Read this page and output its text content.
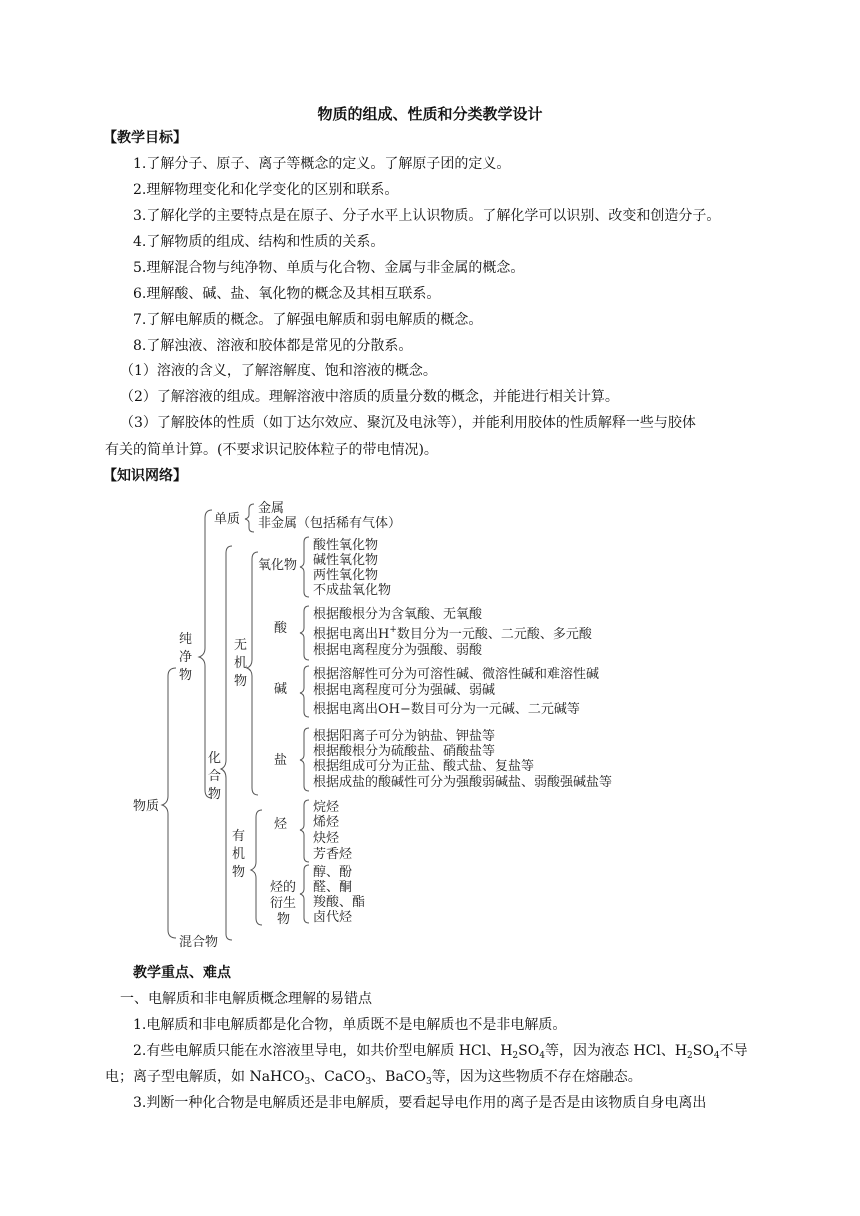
物质的组成、性质和分类教学设计
【教学目标】
1.了解分子、原子、离子等概念的定义。了解原子团的定义。
2.理解物理变化和化学变化的区别和联系。
3.了解化学的主要特点是在原子、分子水平上认识物质。了解化学可以识别、改变和创造分子。
4.了解物质的组成、结构和性质的关系。
5.理解混合物与纯净物、单质与化合物、金属与非金属的概念。
6.理解酸、碱、盐、氧化物的概念及其相互联系。
7.了解电解质的概念。了解强电解质和弱电解质的概念。
8.了解浊液、溶液和胶体都是常见的分散系。
（1）溶液的含义，了解溶解度、饱和溶液的概念。
（2）了解溶液的组成。理解溶液中溶质的质量分数的概念，并能进行相关计算。
（3）了解胶体的性质（如丁达尔效应、聚沉及电泳等），并能利用胶体的性质解释一些与胶体
有关的简单计算。(不要求识记胶体粒子的带电情况)。
【知识网络】
物质
纯
净
物
混合物
单质
金属
非金属（包括稀有气体）
化
合
物
无
机
物
氧化物
酸性氧化物
碱性氧化物
两性氧化物
不成盐氧化物
酸
根据酸根分为含氧酸、无氧酸
根据电离出H+数目分为一元酸、二元酸、多元酸
根据电离程度分为强酸、弱酸
碱
根据溶解性可分为可溶性碱、微溶性碱和难溶性碱
根据电离程度可分为强碱、弱碱
根据电离出OH−数目可分为一元碱、二元碱等
盐
根据阳离子可分为钠盐、钾盐等
根据酸根分为硫酸盐、硝酸盐等
根据组成可分为正盐、酸式盐、复盐等
根据成盐的酸碱性可分为强酸弱碱盐、弱酸强碱盐等
有
机
物
烃
烷烃
烯烃
炔烃
芳香烃
烃的
衍生
物
醇、酚
醛、酮
羧酸、酯
卤代烃
教学重点、难点
一、电解质和非电解质概念理解的易错点
1.电解质和非电解质都是化合物，单质既不是电解质也不是非电解质。
2.有些电解质只能在水溶液里导电，如共价型电解质 HCl、$H_2SO_4$等，因为液态 HCl、$H_2SO_4$不导
电；离子型电解质，如 NaHCO$_3$、CaCO$_3$、BaCO$_3$等，因为这些物质不存在熔融态。
3.判断一种化合物是电解质还是非电解质，要看起导电作用的离子是否是由该物质自身电离出
